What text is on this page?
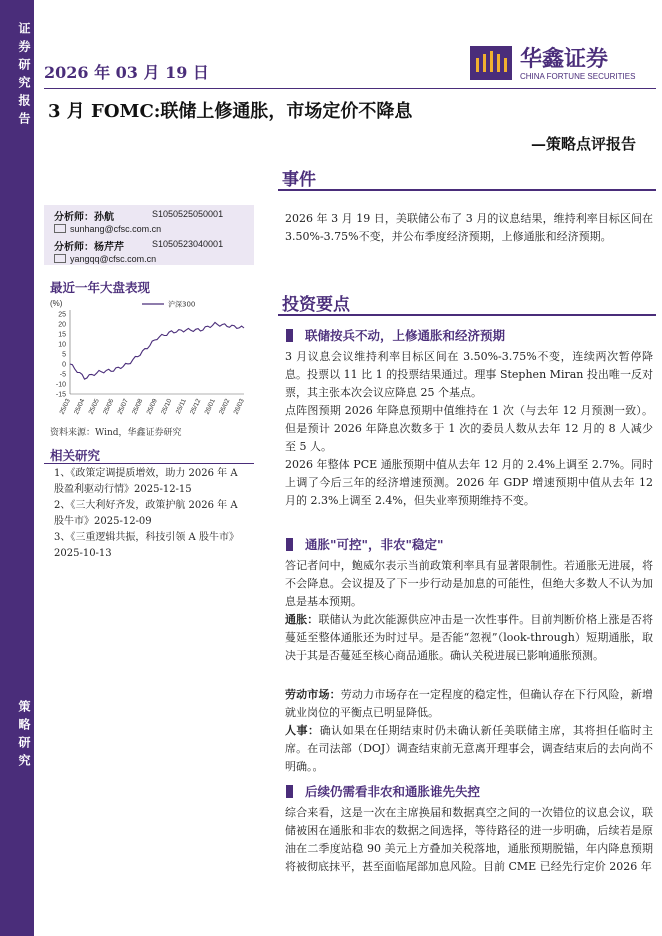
证券研究报告
策略研究
2026 年 03 月 19 日
华鑫证券
CHINA FORTUNE SECURITIES
3 月 FOMC:联储上修通胀，市场定价不降息
—策略点评报告
分析师：孙航	S1050525050001
sunhang@cfsc.com.cn
分析师：杨芹芹	S1050523040001
yangqq@cfsc.com.cn
最近一年大盘表现
(%)
25
20
15
10
5
0
-5
-10
-15
25/03 25/04 25/05 25/06 25/07 25/08 25/09 25/10 25/11 25/12 26/01 26/02 26/03
沪深300
资料来源：Wind，华鑫证券研究
相关研究
1、《政策定调提质增效，助力 2026 年 A 股盈利驱动行情》2025-12-15
2、《三大利好齐发，政策护航 2026 年 A 股牛市》2025-12-09
3、《三重逻辑共振，科技引领 A 股牛市》2025-10-13
事件
2026 年 3 月 19 日，美联储公布了 3 月的议息结果，维持利率目标区间在 3.50%-3.75%不变，并公布季度经济预期，上修通胀和经济预期。
投资要点
联储按兵不动，上修通胀和经济预期
3 月议息会议维持利率目标区间在 3.50%-3.75%不变，连续两次暂停降息。投票以 11 比 1 的投票结果通过。理事 Stephen Miran 投出唯一反对票，其主张本次会议应降息 25 个基点。
点阵图预期 2026 年降息预期中值维持在 1 次（与去年 12 月预测一致）。但是预计 2026 年降息次数多于 1 次的委员人数从去年 12 月的 8 人减少至 5 人。
2026 年整体 PCE 通胀预期中值从去年 12 月的 2.4%上调至 2.7%。同时上调了今后三年的经济增速预测。2026 年 GDP 增速预期中值从去年 12 月的 2.3%上调至 2.4%，但失业率预期维持不变。
通胀"可控"，非农"稳定"
答记者问中，鲍威尔表示当前政策利率具有显著限制性。若通胀无进展，将不会降息。会议提及了下一步行动是加息的可能性，但绝大多数人不认为加息是基本预期。
通胀：联储认为此次能源供应冲击是一次性事件。目前判断价格上涨是否将蔓延至整体通胀还为时过早。是否能“忽视”（look-through）短期通胀，取决于其是否蔓延至核心商品通胀。确认关税进展已影响通胀预测。
劳动市场：劳动力市场存在一定程度的稳定性，但确认存在下行风险，新增就业岗位的平衡点已明显降低。
人事：确认如果在任期结束时仍未确认新任美联储主席，其将担任临时主席。在司法部（DOJ）调查结束前无意离开理事会，调查结束后的去向尚不明确。。
后续仍需看非农和通胀谁先失控
综合来看，这是一次在主席换届和数据真空之间的一次错位的议息会议，联储被困在通胀和非农的数据之间选择，等待路径的进一步明确，后续若是原油在二季度站稳 90 美元上方叠加关税落地，通胀预期脱锚，年内降息预期将被彻底抹平，甚至面临尾部加息风险。目前 CME 已经先行定价 2026 年
